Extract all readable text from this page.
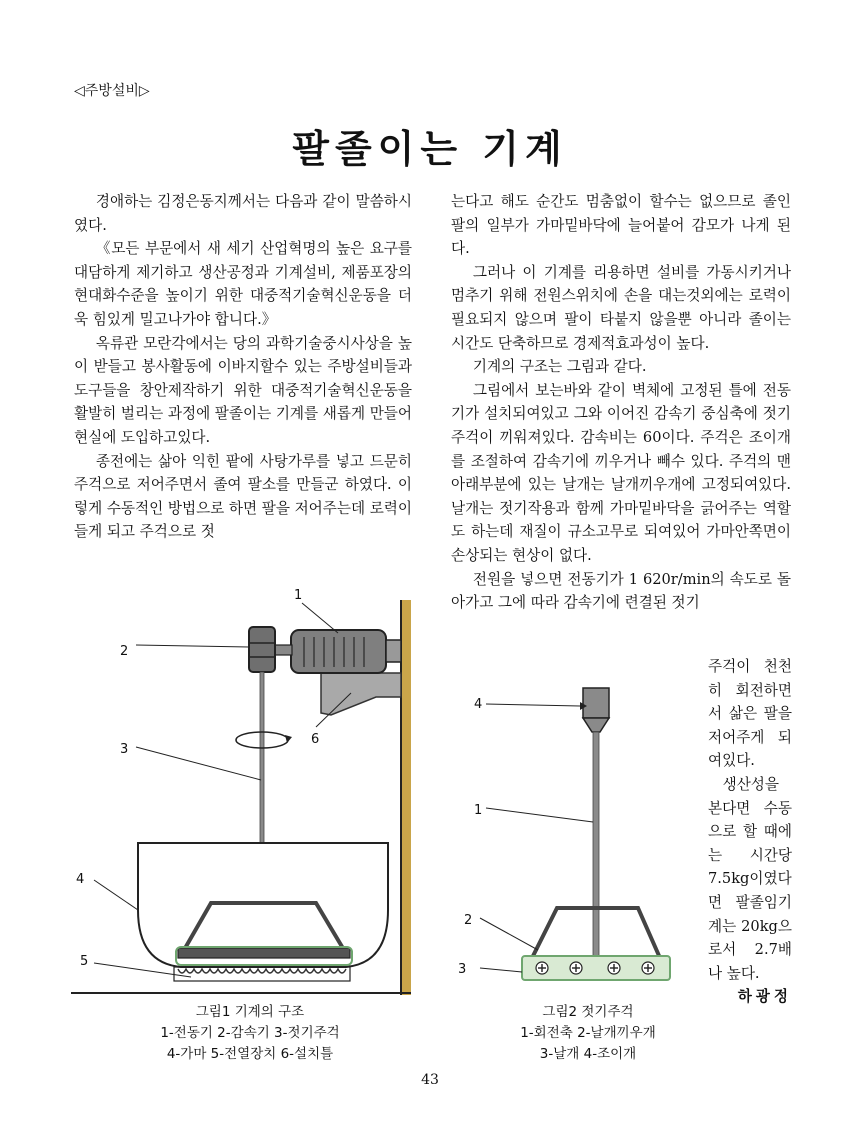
◁주방설비▷
팔졸이는 기계

경애하는 김정은동지께서는 다음과 같이 말씀하시였다.

《모든 부문에서 새 세기 산업혁명의 높은 요구를 대담하게 제기하고 생산공정과 기계설비, 제품포장의 현대화수준을 높이기 위한 대중적기술혁신운동을 더욱 힘있게 밀고나가야 합니다.》

옥류관 모란각에서는 당의 과학기술중시사상을 높이 받들고 봉사활동에 이바지할수 있는 주방설비들과 도구들을 창안제작하기 위한 대중적기술혁신운동을 활발히 벌리는 과정에 팔졸이는 기계를 새롭게 만들어 현실에 도입하고있다.

종전에는 삶아 익힌 팥에 사탕가루를 넣고 드문히 주걱으로 저어주면서 졸여 팔소를 만들군 하였다. 이렇게 수동적인 방법으로 하면 팔을 저어주는데 로력이 들게 되고 주걱으로 젓

는다고 해도 순간도 멈춤없이 할수는 없으므로 졸인 팔의 일부가 가마밑바닥에 늘어붙어 감모가 나게 된다.

그러나 이 기계를 리용하면 설비를 가동시키거나 멈추기 위해 전원스위치에 손을 대는것외에는 로력이 필요되지 않으며 팔이 타붙지 않을뿐 아니라 졸이는 시간도 단축하므로 경제적효과성이 높다.

기계의 구조는 그림과 같다.

그림에서 보는바와 같이 벽체에 고정된 틀에 전동기가 설치되여있고 그와 이어진 감속기 중심축에 젓기주걱이 끼워져있다. 감속비는 60이다. 주걱은 조이개를 조절하여 감속기에 끼우거나 빼수 있다. 주걱의 맨 아래부분에 있는 날개는 날개끼우개에 고정되여있다. 날개는 젓기작용과 함께 가마밑바닥을 긁어주는 역할도 하는데 재질이 규소고무로 되여있어 가마안쪽면이 손상되는 현상이 없다.

전원을 넣으면 전동기가 1 620r/min의 속도로 돌아가고 그에 따라 감속기에 련결된 젓기

주걱이 천천히 회전하면서 삶은 팔을 저어주게 되여있다.

생산성을 본다면 수동으로 할 때에는 시간당 7.5kg이였다면 팔졸임기계는 20kg으로서 2.7배나 높다.

하광정

1
2
3
4
5
6
그림1 기계의 구조
1-전동기 2-감속기 3-젓기주걱
4-가마 5-전열장치 6-설치틀
4
1
2
3
그림2 젓기주걱
1-회전축 2-날개끼우개
3-날개 4-조이개
43
